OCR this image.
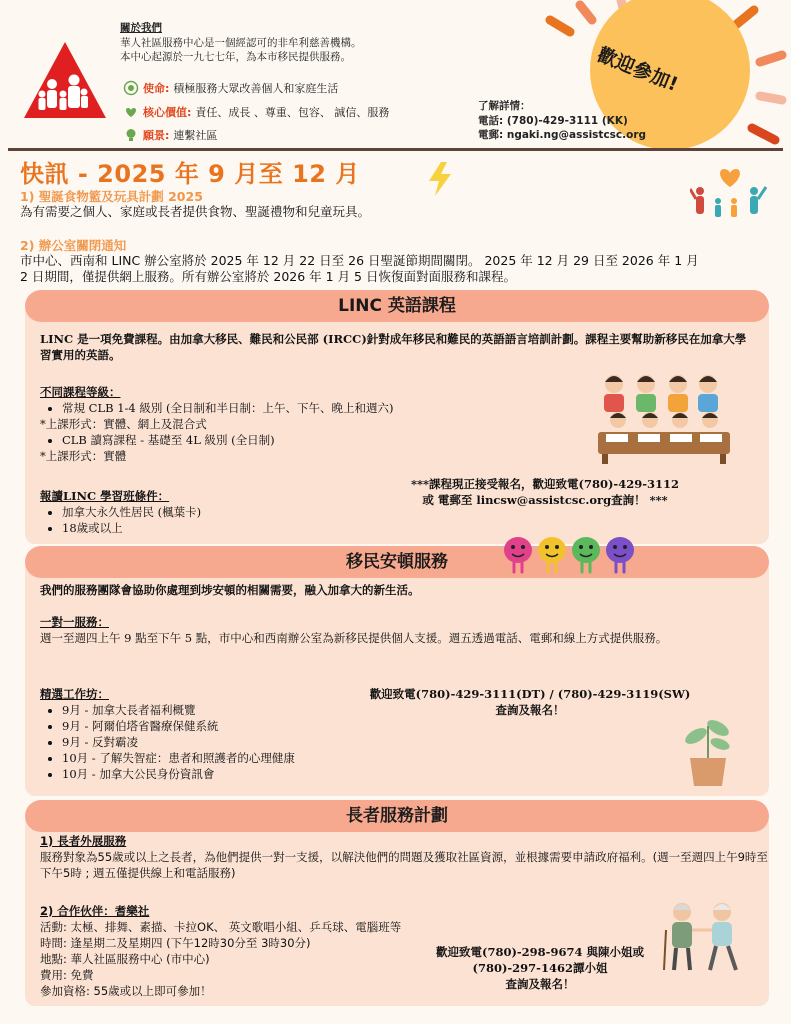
關於我們
華人社區服務中心是一個經認可的非牟利慈善機構。
本中心起源於一九七七年，為本市移民提供服務。
使命: 積極服務大眾改善個人和家庭生活
核心價值: 責任、成長 、尊重、包容、 誠信、服務
願景: 連繫社區
歡迎參加!
了解詳情：
電話: (780)-429-3111 (KK)
電郵: ngaki.ng@assistcsc.org
快訊 - 2025 年 9 月至 12 月
1) 聖誕食物籃及玩具計劃 2025
為有需要之個人、家庭或長者提供食物、聖誕禮物和兒童玩具。
2) 辦公室關閉通知
市中心、西南和 LINC 辦公室將於 2025 年 12 月 22 日至 26 日聖誕節期間關閉。 2025 年 12 月 29 日至 2026 年 1 月
2 日期間，僅提供網上服務。所有辦公室將於 2026 年 1 月 5 日恢復面對面服務和課程。
LINC 英語課程
LINC 是一項免費課程。由加拿大移民、難民和公民部 (IRCC)針對成年移民和難民的英語語言培訓計劃。課程主要幫助新移民在加拿大學習實用的英語。
不同課程等級：
• 常規 CLB 1-4 級別 (全日制和半日制：上午、下午、晚上和週六)
*上課形式：實體、網上及混合式
• CLB 讀寫課程 - 基礎至 4L 級別 (全日制)
*上課形式：實體
報讀LINC 學習班條件：
• 加拿大永久性居民 (楓葉卡)
• 18歲或以上
***課程現正接受報名，歡迎致電(780)-429-3112
或 電郵至 lincsw@assistcsc.org查詢！ ***
移民安頓服務
我們的服務團隊會協助你處理到埗安頓的相關需要，融入加拿大的新生活。
一對一服務：
週一至週四上午 9 點至下午 5 點，市中心和西南辦公室為新移民提供個人支援。週五透過電話、電郵和線上方式提供服務。
精選工作坊：
• 9月 - 加拿大長者福利概覽
• 9月 - 阿爾伯塔省醫療保健系統
• 9月 - 反對霸凌
• 10月 - 了解失智症：患者和照護者的心理健康
• 10月 - 加拿大公民身份資訊會
歡迎致電(780)-429-3111(DT) / (780)-429-3119(SW)
查詢及報名！
長者服務計劃
1) 長者外展服務
服務對象為55歲或以上之長者，為他們提供一對一支援，以解決他們的問題及獲取社區資源，並根據需要申請政府福利。(週一至週四上午9時至下午5時 ; 週五僅提供線上和電話服務)
2) 合作伙伴：耆樂社
活動: 太極、排舞、素描、卡拉OK、 英文歌唱小組、乒乓球、電腦班等
時間: 逢星期二及星期四 (下午12時30分至 3時30分)
地點: 華人社區服務中心 (市中心)
費用: 免費
參加資格: 55歲或以上即可參加！
歡迎致電(780)-298-9674 與陳小姐或
(780)-297-1462譚小姐
查詢及報名！
